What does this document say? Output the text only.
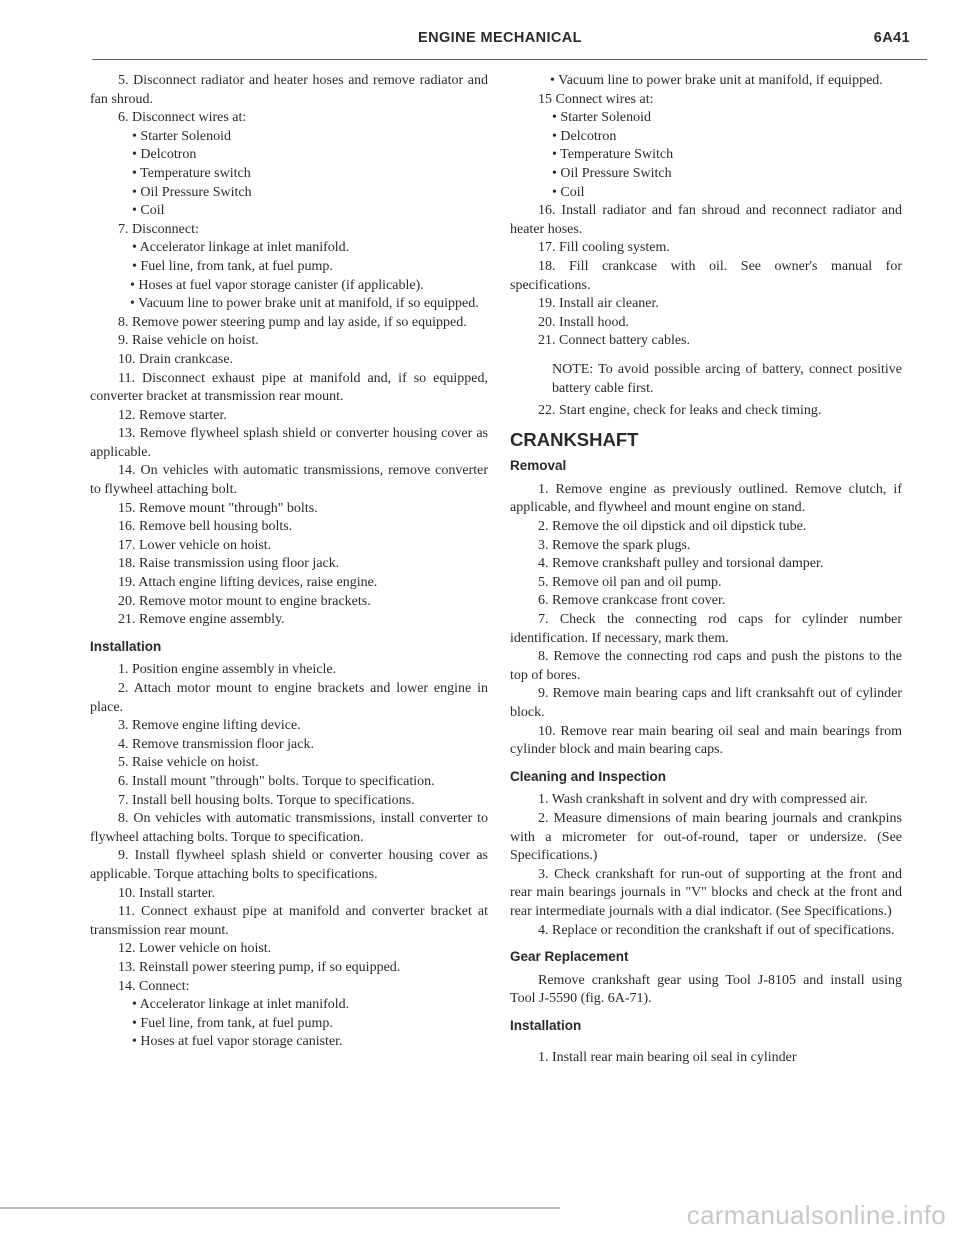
ENGINE MECHANICAL	6A41

5. Disconnect radiator and heater hoses and remove radiator and fan shroud.

6. Disconnect wires at:

• Starter Solenoid

• Delcotron

• Temperature switch

• Oil Pressure Switch

• Coil

7. Disconnect:

• Accelerator linkage at inlet manifold.

• Fuel line, from tank, at fuel pump.

• Hoses at fuel vapor storage canister (if applicable).

• Vacuum line to power brake unit at manifold, if so equipped.

8. Remove power steering pump and lay aside, if so equipped.

9. Raise vehicle on hoist.

10. Drain crankcase.

11. Disconnect exhaust pipe at manifold and, if so equipped, converter bracket at transmission rear mount.

12. Remove starter.

13. Remove flywheel splash shield or converter housing cover as applicable.

14. On vehicles with automatic transmissions, remove converter to flywheel attaching bolt.

15. Remove mount "through" bolts.

16. Remove bell housing bolts.

17. Lower vehicle on hoist.

18. Raise transmission using floor jack.

19. Attach engine lifting devices, raise engine.

20. Remove motor mount to engine brackets.

21. Remove engine assembly.

Installation

1. Position engine assembly in vheicle.

2. Attach motor mount to engine brackets and lower engine in place.

3. Remove engine lifting device.

4. Remove transmission floor jack.

5. Raise vehicle on hoist.

6. Install mount "through" bolts. Torque to specification.

7. Install bell housing bolts. Torque to specifications.

8. On vehicles with automatic transmissions, install converter to flywheel attaching bolts. Torque to specification.

9. Install flywheel splash shield or converter housing cover as applicable. Torque attaching bolts to specifications.

10. Install starter.

11. Connect exhaust pipe at manifold and converter bracket at transmission rear mount.

12. Lower vehicle on hoist.

13. Reinstall power steering pump, if so equipped.

14. Connect:

• Accelerator linkage at inlet manifold.

• Fuel line, from tank, at fuel pump.

• Hoses at fuel vapor storage canister.

• Vacuum line to power brake unit at manifold, if equipped.

15 Connect wires at:

• Starter Solenoid

• Delcotron

• Temperature Switch

• Oil Pressure Switch

• Coil

16. Install radiator and fan shroud and reconnect radiator and heater hoses.

17. Fill cooling system.

18. Fill crankcase with oil. See owner's manual for specifications.

19. Install air cleaner.

20. Install hood.

21. Connect battery cables.

NOTE: To avoid possible arcing of battery, connect positive battery cable first.

22. Start engine, check for leaks and check timing.

CRANKSHAFT
Removal

1. Remove engine as previously outlined. Remove clutch, if applicable, and flywheel and mount engine on stand.

2. Remove the oil dipstick and oil dipstick tube.

3. Remove the spark plugs.

4. Remove crankshaft pulley and torsional damper.

5. Remove oil pan and oil pump.

6. Remove crankcase front cover.

7. Check the connecting rod caps for cylinder number identification. If necessary, mark them.

8. Remove the connecting rod caps and push the pistons to the top of bores.

9. Remove main bearing caps and lift cranksahft out of cylinder block.

10. Remove rear main bearing oil seal and main bearings from cylinder block and main bearing caps.

Cleaning and Inspection

1. Wash crankshaft in solvent and dry with compressed air.

2. Measure dimensions of main bearing journals and crankpins with a micrometer for out-of-round, taper or undersize. (See Specifications.)

3. Check crankshaft for run-out of supporting at the front and rear main bearings journals in "V" blocks and check at the front and rear intermediate journals with a dial indicator. (See Specifications.)

4. Replace or recondition the crankshaft if out of specifications.

Gear Replacement

Remove crankshaft gear using Tool J-8105 and install using Tool J-5590 (fig. 6A-71).

Installation

1. Install rear main bearing oil seal in cylinder

carmanualsonline.info
